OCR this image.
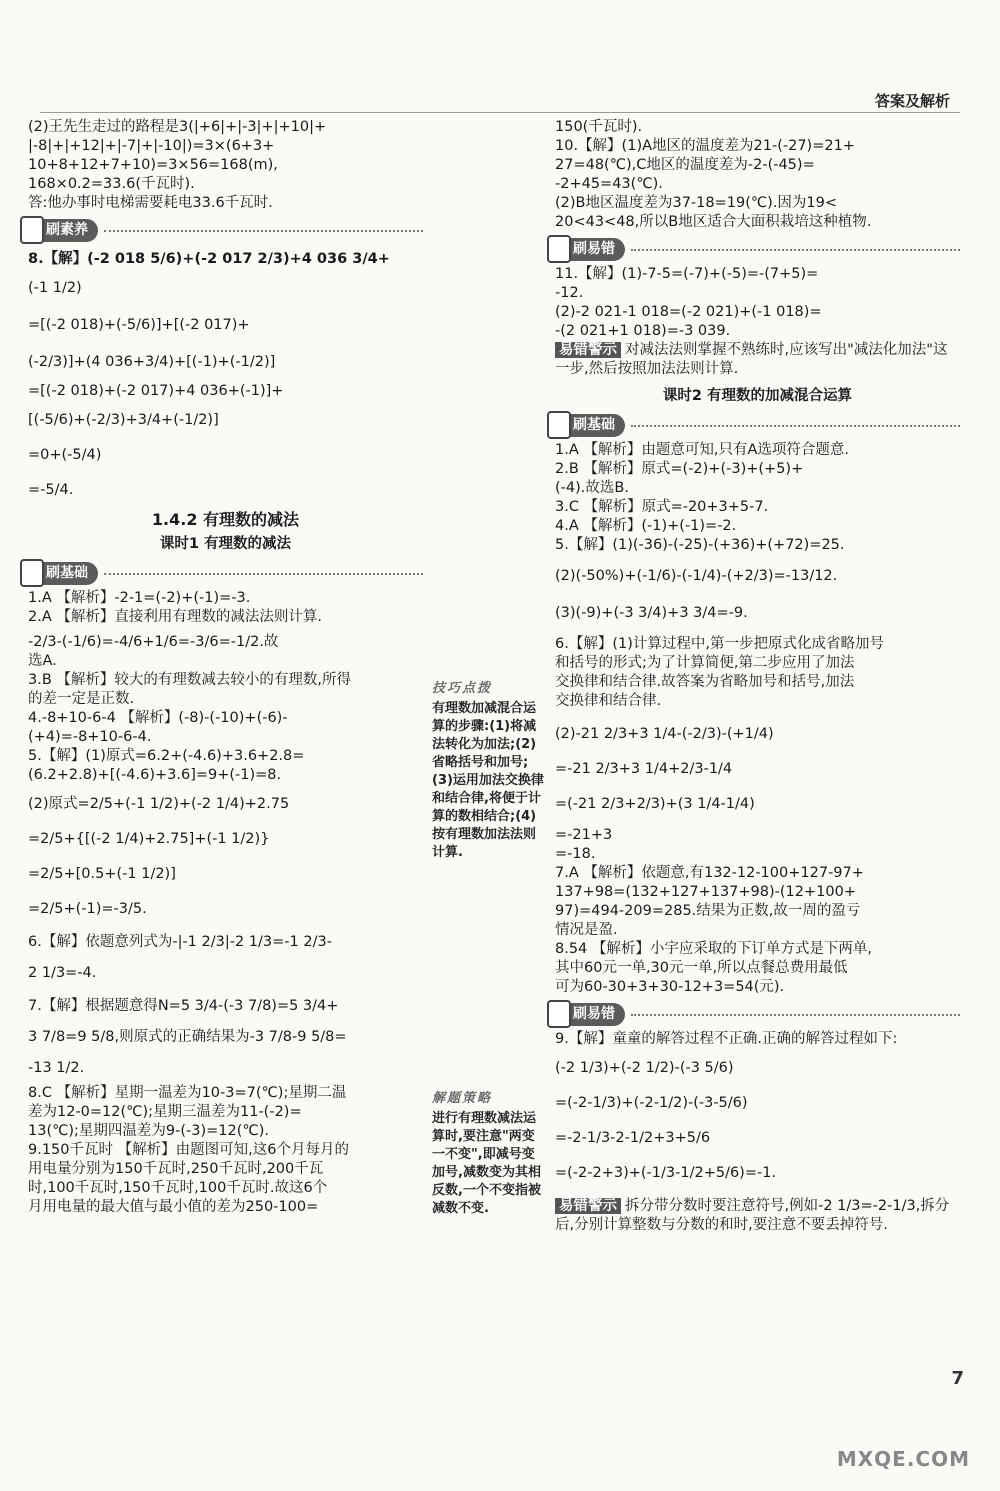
答案及解析

(2)王先生走过的路程是3(|+6|+|-3|+|+10|+

|-8|+|+12|+|-7|+|-10|)=3×(6+3+

10+8+12+7+10)=3×56=168(m),

168×0.2=33.6(千瓦时).

答:他办事时电梯需要耗电33.6千瓦时.

刷素养

8.【解】(-2 018 5/6)+(-2 017 2/3)+4 036 3/4+

(-1 1/2)

=[(-2 018)+(-5/6)]+[(-2 017)+

(-2/3)]+(4 036+3/4)+[(-1)+(-1/2)]

=[(-2 018)+(-2 017)+4 036+(-1)]+

[(-5/6)+(-2/3)+3/4+(-1/2)]

=0+(-5/4)

=-5/4.

1.4.2 有理数的减法
课时1 有理数的减法
刷基础

1.A 【解析】-2-1=(-2)+(-1)=-3.

2.A 【解析】直接利用有理数的减法法则计算.

-2/3-(-1/6)=-4/6+1/6=-3/6=-1/2.故

选A.

3.B 【解析】较大的有理数减去较小的有理数,所得

的差一定是正数.

4.-8+10-6-4 【解析】(-8)-(-10)+(-6)-

(+4)=-8+10-6-4.

5.【解】(1)原式=6.2+(-4.6)+3.6+2.8=

(6.2+2.8)+[(-4.6)+3.6]=9+(-1)=8.

(2)原式=2/5+(-1 1/2)+(-2 1/4)+2.75

=2/5+{[(-2 1/4)+2.75]+(-1 1/2)}

=2/5+[0.5+(-1 1/2)]

=2/5+(-1)=-3/5.

6.【解】依题意列式为-|-1 2/3|-2 1/3=-1 2/3-

2 1/3=-4.

7.【解】根据题意得N=5 3/4-(-3 7/8)=5 3/4+

3 7/8=9 5/8,则原式的正确结果为-3 7/8-9 5/8=

-13 1/2.

8.C 【解析】星期一温差为10-3=7(℃);星期二温

差为12-0=12(℃);星期三温差为11-(-2)=

13(℃);星期四温差为9-(-3)=12(℃).

9.150千瓦时 【解析】由题图可知,这6个月每月的

用电量分别为150千瓦时,250千瓦时,200千瓦

时,100千瓦时,150千瓦时,100千瓦时.故这6个

月用电量的最大值与最小值的差为250-100=

技巧点拨
有理数加减混合运算的步骤:(1)将减法转化为加法;(2)省略括号和加号;(3)运用加法交换律和结合律,将便于计算的数相结合;(4)按有理数加法法则计算.
解题策略
进行有理数减法运算时,要注意"两变一不变",即减号变加号,减数变为其相反数,一个不变指被减数不变.

150(千瓦时).

10.【解】(1)A地区的温度差为21-(-27)=21+

27=48(℃),C地区的温度差为-2-(-45)=

-2+45=43(℃).

(2)B地区温度差为37-18=19(℃).因为19<

20<43<48,所以B地区适合大面积栽培这种植物.

刷易错

11.【解】(1)-7-5=(-7)+(-5)=-(7+5)=

-12.

(2)-2 021-1 018=(-2 021)+(-1 018)=

-(2 021+1 018)=-3 039.

易错警示 对减法法则掌握不熟练时,应该写出"减法化加法"这一步,然后按照加法法则计算.

课时2 有理数的加减混合运算
刷基础

1.A 【解析】由题意可知,只有A选项符合题意.

2.B 【解析】原式=(-2)+(-3)+(+5)+

(-4).故选B.

3.C 【解析】原式=-20+3+5-7.

4.A 【解析】(-1)+(-1)=-2.

5.【解】(1)(-36)-(-25)-(+36)+(+72)=25.

(2)(-50%)+(-1/6)-(-1/4)-(+2/3)=-13/12.

(3)(-9)+(-3 3/4)+3 3/4=-9.

6.【解】(1)计算过程中,第一步把原式化成省略加号

和括号的形式;为了计算简便,第二步应用了加法

交换律和结合律.故答案为省略加号和括号,加法

交换律和结合律.

(2)-21 2/3+3 1/4-(-2/3)-(+1/4)

=-21 2/3+3 1/4+2/3-1/4

=(-21 2/3+2/3)+(3 1/4-1/4)

=-21+3

=-18.

7.A 【解析】依题意,有132-12-100+127-97+

137+98=(132+127+137+98)-(12+100+

97)=494-209=285.结果为正数,故一周的盈亏

情况是盈.

8.54 【解析】小宇应采取的下订单方式是下两单,

其中60元一单,30元一单,所以点餐总费用最低

可为60-30+3+30-12+3=54(元).

刷易错

9.【解】童童的解答过程不正确.正确的解答过程如下:

(-2 1/3)+(-2 1/2)-(-3 5/6)

=(-2-1/3)+(-2-1/2)-(-3-5/6)

=-2-1/3-2-1/2+3+5/6

=(-2-2+3)+(-1/3-1/2+5/6)=-1.

易错警示 拆分带分数时要注意符号,例如-2 1/3=-2-1/3,拆分后,分别计算整数与分数的和时,要注意不要丢掉符号.

7
MXQE.COM
